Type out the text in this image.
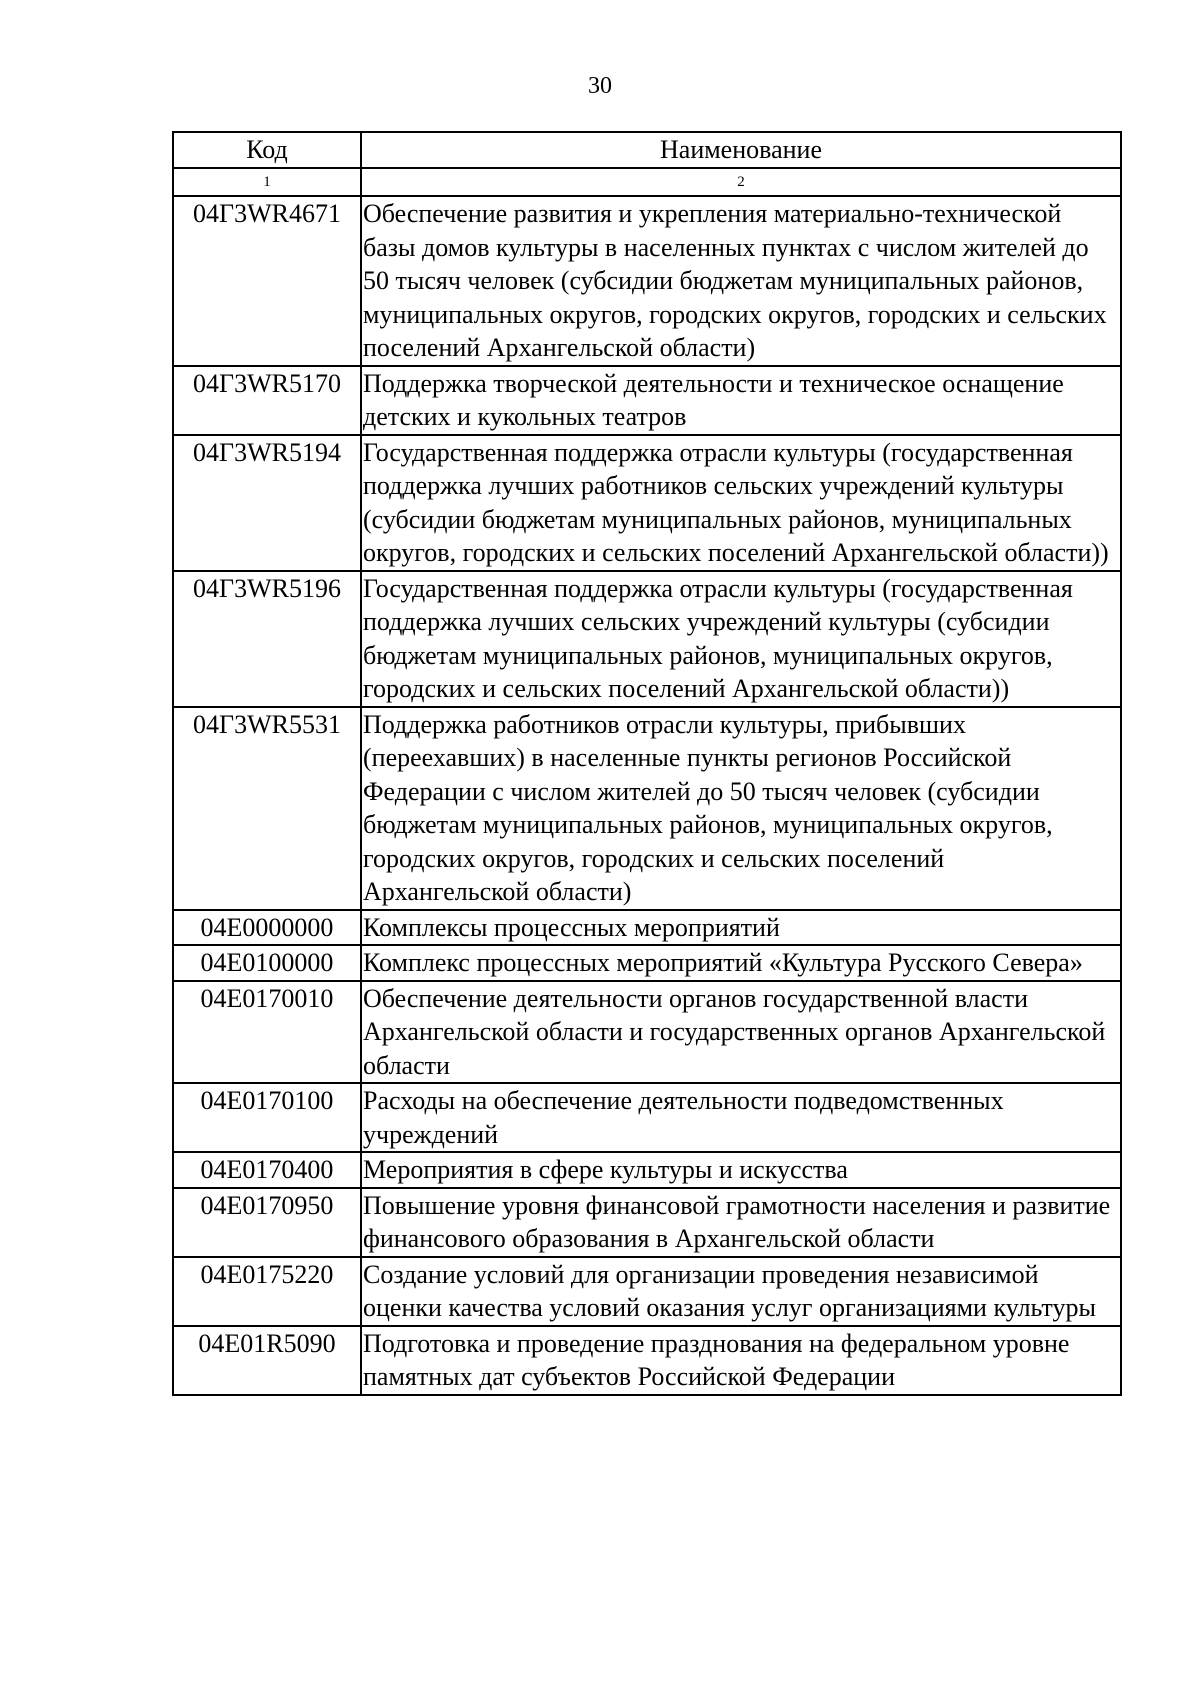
30
Код	Наименование
1	2
04Г3WR4671	Обеспечение развития и укрепления материально-технической базы домов культуры в населенных пунктах с числом жителей до 50 тысяч человек (субсидии бюджетам муниципальных районов, муниципальных округов, городских округов, городских и сельских поселений Архангельской области)
04Г3WR5170	Поддержка творческой деятельности и техническое оснащение детских и кукольных театров
04Г3WR5194	Государственная поддержка отрасли культуры (государственная поддержка лучших работников сельских учреждений культуры (субсидии бюджетам муниципальных районов, муниципальных округов, городских и сельских поселений Архангельской области))
04Г3WR5196	Государственная поддержка отрасли культуры (государственная поддержка лучших сельских учреждений культуры (субсидии бюджетам муниципальных районов, муниципальных округов, городских и сельских поселений Архангельской области))
04Г3WR5531	Поддержка работников отрасли культуры, прибывших (переехавших) в населенные пункты регионов Российской Федерации с числом жителей до 50 тысяч человек (субсидии бюджетам муниципальных районов, муниципальных округов, городских округов, городских и сельских поселений Архангельской области)
04Е0000000	Комплексы процессных мероприятий
04Е0100000	Комплекс процессных мероприятий «Культура Русского Севера»
04Е0170010	Обеспечение деятельности органов государственной власти Архангельской области и государственных органов Архангельской области
04Е0170100	Расходы на обеспечение деятельности подведомственных учреждений
04Е0170400	Мероприятия в сфере культуры и искусства
04Е0170950	Повышение уровня финансовой грамотности населения и развитие финансового образования в Архангельской области
04Е0175220	Создание условий для организации проведения независимой оценки качества условий оказания услуг организациями культуры
04Е01R5090	Подготовка и проведение празднования на федеральном уровне памятных дат субъектов Российской Федерации
